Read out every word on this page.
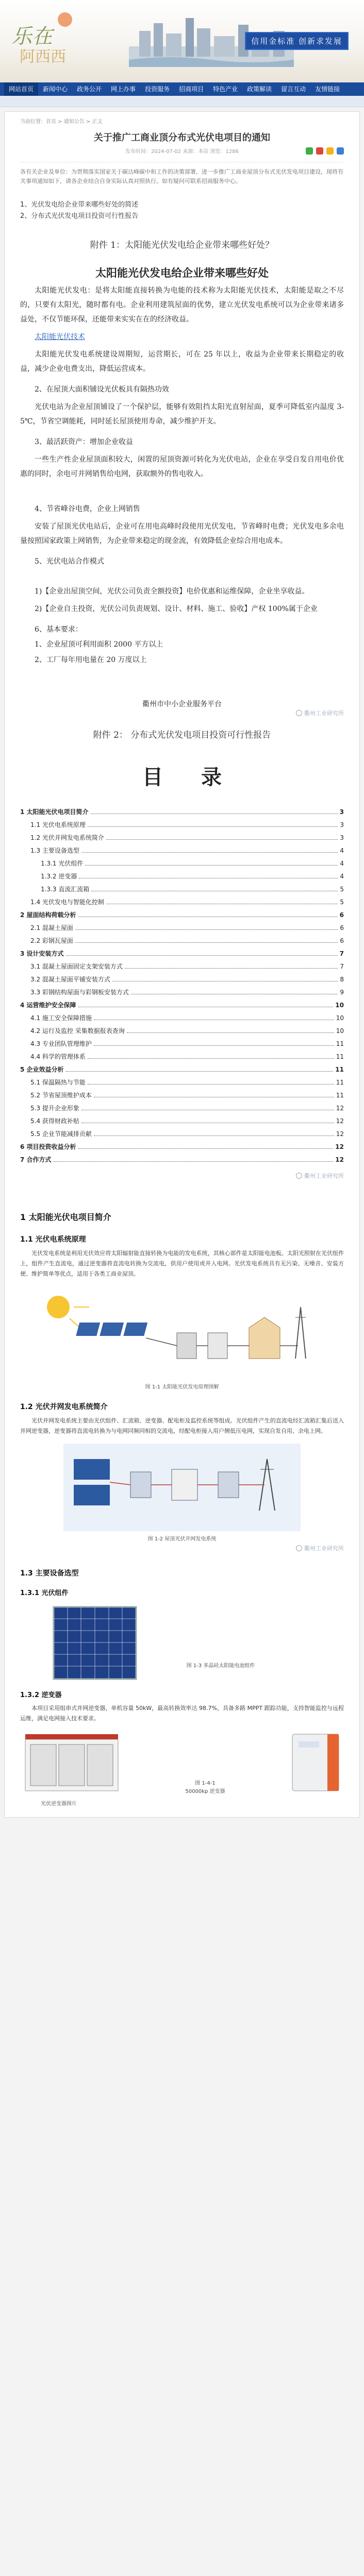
乐在
阿西西
信用金标准 创新求发展
网站首页	新闻中心	政务公开	网上办事	投资服务	招商项目	特色产业	政策解读	留言互动	友情链接
当前位置：首页 > 通知公告 > 正文
关于推广工商业顶分布式光伏电项目的通知
发布时间：2024-07-02 来源：本站 浏览：1286
各有关企业及单位：为贯彻落实国家关于碳达峰碳中和工作的决策部署，进一步推广工商业屋顶分布式光伏发电项目建设，现将有关事项通知如下，请各企业结合自身实际认真对照执行。如有疑问可联系招商服务中心。
1、光伏发电给企业带来哪些好处的简述
2、分布式光伏发电项目投资可行性报告
附件 1：太阳能光伏发电给企业带来哪些好处？
太阳能光伏发电给企业带来哪些好处
太阳能光伏发电：是将太阳能直接转换为电能的技术称为太阳能光伏技术，太阳能是取之不尽的，只要有太阳光，随时都有电。企业利用建筑屋面的优势，建立光伏发电系统可以为企业带来诸多益处，不仅节能环保，还能带来实实在在的经济收益。
太阳能光伏技术
太阳能光伏发电系统建设周期短，运营期长，可在 25 年以上，收益为企业带来长期稳定的收益，减少企业电费支出，降低运营成本。
2、在屋顶大面积铺设光伏板具有隔热功效
光伏电站为企业屋顶铺设了一个保护层，能够有效阻挡太阳光直射屋面，夏季可降低室内温度 3-5℃，节省空调能耗，同时延长屋顶使用寿命，减少维护开支。
3、最活跃资产：增加企业收益
一些生产性企业屋顶面积较大，闲置的屋顶资源可转化为光伏电站，企业在享受自发自用电价优惠的同时，余电可并网销售给电网，获取额外的售电收入。
4、节省峰谷电费，企业上网销售
安装了屋顶光伏电站后，企业可在用电高峰时段使用光伏发电，节省峰时电费；光伏发电多余电量按照国家政策上网销售，为企业带来稳定的现金流，有效降低企业综合用电成本。
5、光伏电站合作模式
1)【企业出屋顶空间，光伏公司负责全额投资】电价优惠和运维保障，企业坐享收益。
2)【企业自主投资，光伏公司负责规划、设计、材料、施工、验收】产权 100%属于企业
6、基本要求：
1、企业屋顶可利用面积 2000 平方以上
2、工厂每年用电量在 20 万度以上
衢州市中小企业服务平台
衢州工业研究所
附件 2： 分布式光伏发电项目投资可行性报告
目 录
1 太阳能光伏电项目简介	3
1.1 光伏电系统原理	3
1.2 光伏并网发电系统简介	3
1.3 主要设备选型	4
1.3.1 光伏组件	4
1.3.2 逆变器	4
1.3.3 直流汇流箱	5
1.4 光伏发电与智能化控制	5
2 屋面结构荷载分析	6
2.1 混凝土屋面	6
2.2 彩钢瓦屋面	6
3 设计安装方式	7
3.1 混凝土屋面固定支架安装方式	7
3.2 混凝土屋面平铺安装方式	8
3.3 彩钢结构屋面与彩钢板安装方式	9
4 运营维护安全保障	10
4.1 施工安全保障措施	10
4.2 运行及监控 采集数据报表查询	10
4.3 专业团队管理维护	11
4.4 科学的管理体系	11
5 企业效益分析	11
5.1 保温隔热与节能	11
5.2 节省屋顶维护成本	11
5.3 提升企业形象	12
5.4 获得财政补贴	12
5.5 企业节能减排贡献	12
6 项目投资收益分析	12
7 合作方式	12
衢州工业研究所
1 太阳能光伏电项目简介
1.1 光伏电系统原理
光伏发电系统是利用光伏效应将太阳辐射能直接转换为电能的发电系统，其核心部件是太阳能电池板。太阳光照射在光伏组件上，组件产生直流电，通过逆变器将直流电转换为交流电，供用户使用或并入电网。光伏发电系统具有无污染、无噪音、安装方便、维护简单等优点，适用于各类工商业屋顶。
图 1-1 太阳能光伏发电原理图解
1.2 光伏并网发电系统简介
光伏并网发电系统主要由光伏组件、汇流箱、逆变器、配电柜及监控系统等组成。光伏组件产生的直流电经汇流箱汇集后送入并网逆变器，逆变器将直流电转换为与电网同频同相的交流电，经配电柜接入用户侧低压电网，实现自发自用、余电上网。
图 1-2 屋顶光伏并网发电系统
衢州工业研究所
1.3 主要设备选型
1.3.1 光伏组件
图 1-3 多晶硅太阳能电池组件
1.3.2 逆变器
本项目采用组串式并网逆变器，单机容量 50kW，最高转换效率达 98.7%，具备多路 MPPT 跟踪功能，支持智能监控与远程运维，满足电网接入技术要求。
图 1-4-1
50000kp 逆变器
光伏逆变器图片
